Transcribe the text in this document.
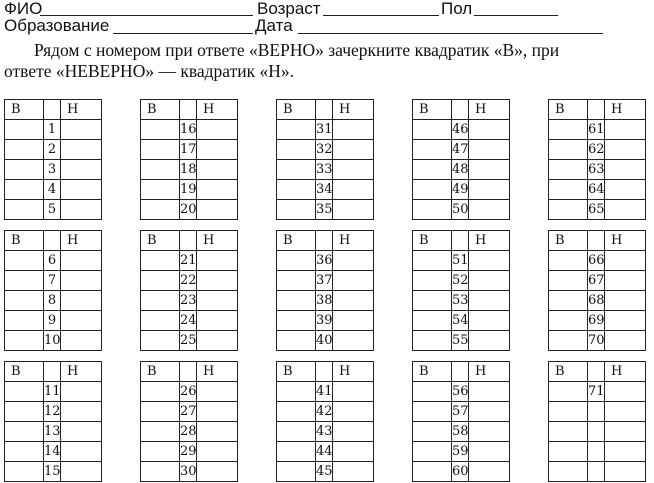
ФИО	Возраст	Пол
Образование	Дата

Рядом с номером при ответе «ВЕРНО» зачеркните квадратик «В», при

ответе «НЕВЕРНО» — квадратик «Н».

В		Н
	1	
	2	
	3	
	4	
	5	
В		Н
	16	
	17	
	18	
	19	
	20	
В		Н
	31	
	32	
	33	
	34	
	35	
В		Н
	46	
	47	
	48	
	49	
	50	
В		Н
	61	
	62	
	63	
	64	
	65	
В		Н
	6	
	7	
	8	
	9	
	10	
В		Н
	21	
	22	
	23	
	24	
	25	
В		Н
	36	
	37	
	38	
	39	
	40	
В		Н
	51	
	52	
	53	
	54	
	55	
В		Н
	66	
	67	
	68	
	69	
	70	
В		Н
	11	
	12	
	13	
	14	
	15	
В		Н
	26	
	27	
	28	
	29	
	30	
В		Н
	41	
	42	
	43	
	44	
	45	
В		Н
	56	
	57	
	58	
	59	
	60	
В		Н
	71	
